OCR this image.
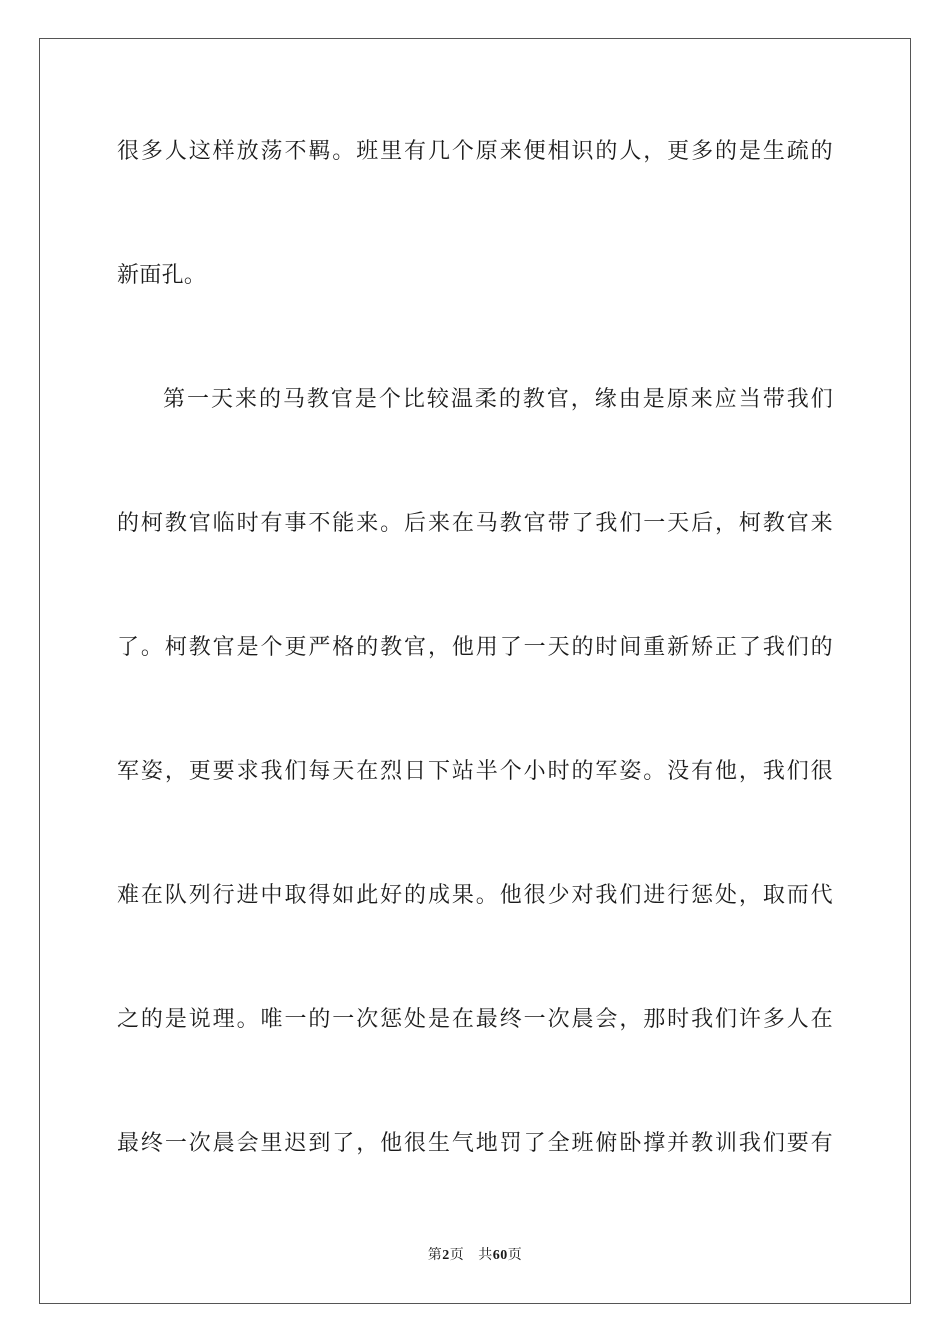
很多人这样放荡不羁。班里有几个原来便相识的人，更多的是生疏的
新面孔。
第一天来的马教官是个比较温柔的教官，缘由是原来应当带我们
的柯教官临时有事不能来。后来在马教官带了我们一天后，柯教官来
了。柯教官是个更严格的教官，他用了一天的时间重新矫正了我们的
军姿，更要求我们每天在烈日下站半个小时的军姿。没有他，我们很
难在队列行进中取得如此好的成果。他很少对我们进行惩处，取而代
之的是说理。唯一的一次惩处是在最终一次晨会，那时我们许多人在
最终一次晨会里迟到了，他很生气地罚了全班俯卧撑并教训我们要有
第2页 共60页
